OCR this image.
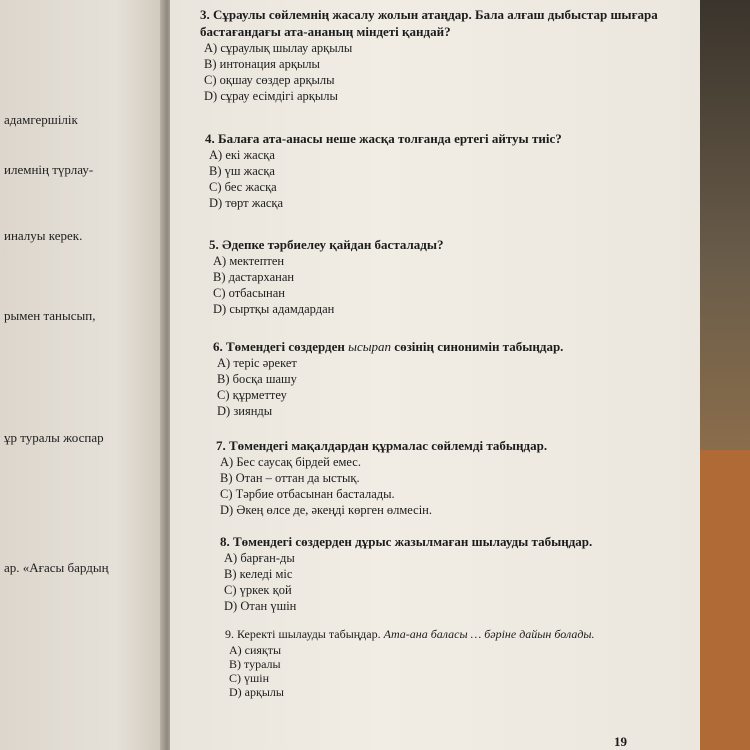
адамгершілік
илемнің түрлау-
иналуы керек.
рымен танысып,
ұр туралы жоспар
ар. «Ағасы бардың
3. Сұраулы сөйлемнің жасалу жолын атаңдар. Бала алғаш дыбыстар шығара бастағандағы ата-ананың міндеті қандай?
A) сұраулық шылау арқылы
B) интонация арқылы
C) оқшау сөздер арқылы
D) сұрау есімдігі арқылы
4. Балаға ата-анасы неше жасқа толғанда ертегі айтуы тиіс?
A) екі жасқа
B) үш жасқа
C) бес жасқа
D) төрт жасқа
5. Әдепке тәрбиелеу қайдан басталады?
A) мектептен
B) дастарханан
C) отбасынан
D) сыртқы адамдардан
6. Төмендегі сөздерден ысырап сөзінің синонимін табыңдар.
A) теріс әрекет
B) босқа шашу
C) құрметтеу
D) зиянды
7. Төмендегі мақалдардан құрмалас сөйлемді табыңдар.
A) Бес саусақ бірдей емес.
B) Отан – оттан да ыстық.
C) Тәрбие отбасынан басталады.
D) Әкең өлсе де, әкеңді көрген өлмесін.
8. Төмендегі сөздерден дұрыс жазылмаған шылауды табыңдар.
A) барған-ды
B) келеді міс
C) үркек қой
D) Отан үшін
9. Керекті шылауды табыңдар. Ата-ана баласы … бәріне дайын болады.
A) сияқты
B) туралы
C) үшін
D) арқылы
19
